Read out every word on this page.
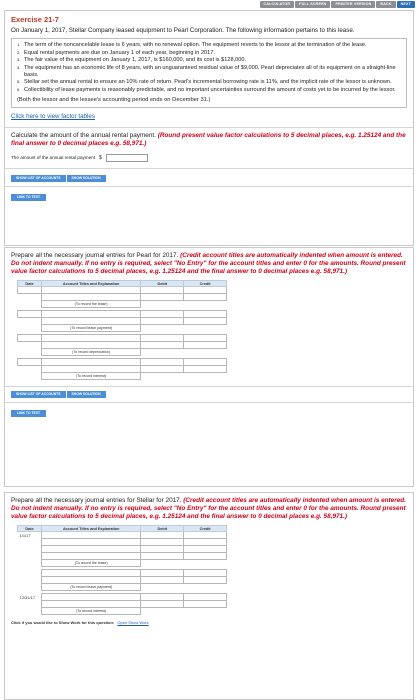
CALCULATOR	FULL SCREEN	PRINTER VERSION	BACK	NEXT
Exercise 21-7
On January 1, 2017, Stellar Company leased equipment to Pearl Corporation. The following information pertains to this lease.
1. The term of the noncancelable lease is 6 years, with no renewal option. The equipment reverts to the lessor at the termination of the lease.
2. Equal rental payments are due on January 1 of each year, beginning in 2017.
3. The fair value of the equipment on January 1, 2017, is $160,000, and its cost is $128,000.
4. The equipment has an economic life of 8 years, with an unguaranteed residual value of $9,000. Pearl depreciates all of its equipment on a straight-line basis.
5. Stellar set the annual rental to ensure an 10% rate of return. Pearl's incremental borrowing rate is 11%, and the implicit rate of the lessor is unknown.
6. Collectibility of lease payments is reasonably predictable, and no important uncertainties surround the amount of costs yet to be incurred by the lessor.
(Both the lessor and the lessee's accounting period ends on December 31.)
Click here to view factor tables
Calculate the amount of the annual rental payment. (Round present value factor calculations to 5 decimal places, e.g. 1.25124 and the final answer to 0 decimal places e.g. 58,971.)
The amount of the annual rental payment $
SHOW LIST OF ACCOUNTS	SHOW SOLUTION
LINK TO TEXT
Prepare all the necessary journal entries for Pearl for 2017. (Credit account titles are automatically indented when amount is entered. Do not indent manually. If no entry is required, select "No Entry" for the account titles and enter 0 for the amounts. Round present value factor calculations to 5 decimal places, e.g. 1.25124 and the final answer to 0 decimal places e.g. 58,971.)
Date	Account Titles and Explanation	Debit	Credit

	(To record the lease)		

	(To record lease payment)		

	(To record depreciation)		

	(To record interest)		
SHOW LIST OF ACCOUNTS	SHOW SOLUTION
LINK TO TEXT
Prepare all the necessary journal entries for Stellar for 2017. (Credit account titles are automatically indented when amount is entered. Do not indent manually. If no entry is required, select "No Entry" for the account titles and enter 0 for the amounts. Round present value factor calculations to 5 decimal places, e.g. 1.25124 and the final answer to 0 decimal places e.g. 58,971.)
Date	Account Titles and Explanation	Debit	Credit
1/1/17			

	(To record the lease)		

	(To record lease payment)		

12/31/17			

	(To record interest)		
Click if you would like to Show Work for this question: Open Show Work
